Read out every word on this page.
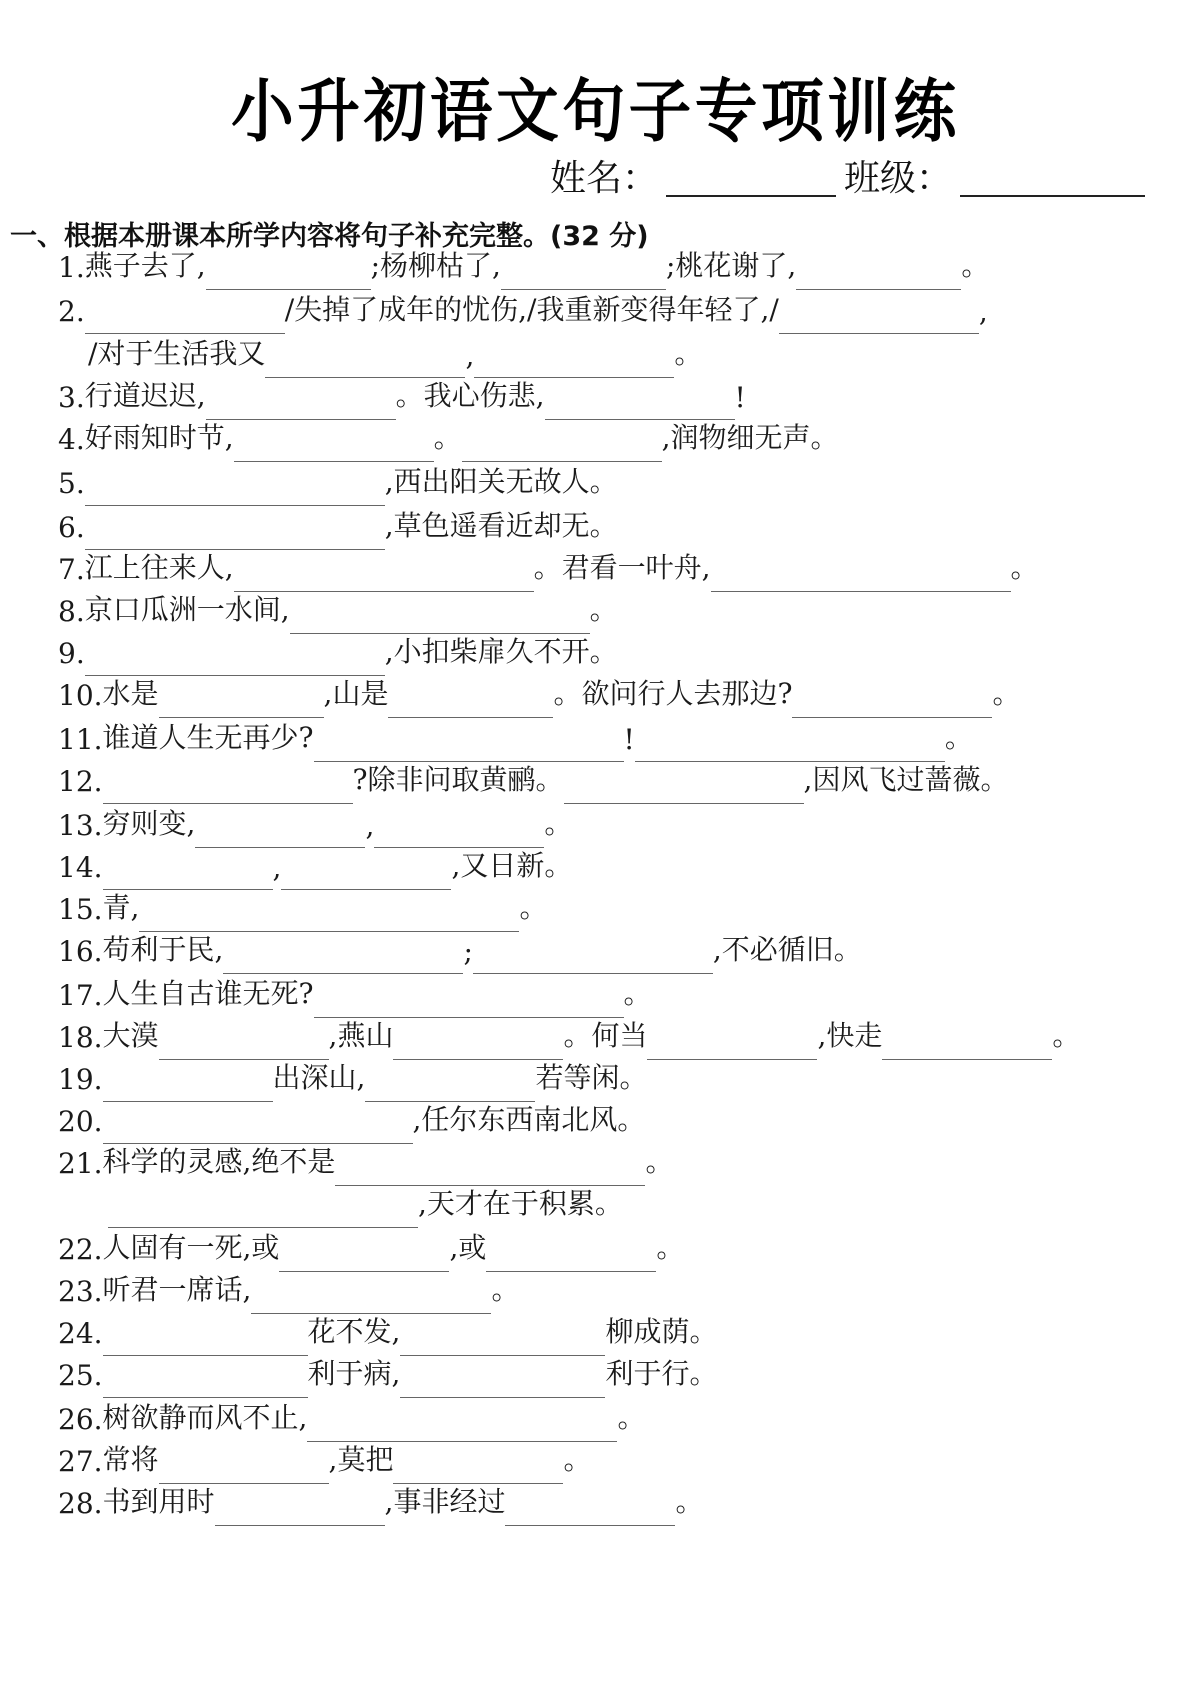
小升初语文句子专项训练
姓名：	班级：
一、根据本册课本所学内容将句子补充完整。(32 分)
1. 燕子去了,	;杨柳枯了,	;桃花谢了,	。
2.	/失掉了成年的忧伤,/我重新变得年轻了,/	,
/对于生活我又	,	。
3. 行道迟迟,	。我心伤悲,	!
4. 好雨知时节,	。	,润物细无声。
5.	,西出阳关无故人。
6.	,草色遥看近却无。
7. 江上往来人,	。君看一叶舟,	。
8. 京口瓜洲一水间,	。
9.	,小扣柴扉久不开。
10. 水是	,山是	。欲问行人去那边?	。
11. 谁道人生无再少?	!	。
12.	?除非问取黄鹂。	,因风飞过蔷薇。
13. 穷则变,	,	。
14.	,	,又日新。
15. 青,	。
16. 苟利于民,	;	,不必循旧。
17. 人生自古谁无死?	。
18. 大漠	,燕山	。何当	,快走	。
19.	出深山,	若等闲。
20.	,任尔东西南北风。
21. 科学的灵感,绝不是	。
,天才在于积累。
22. 人固有一死,或	,或	。
23. 听君一席话,	。
24.	花不发,	柳成荫。
25.	利于病,	利于行。
26. 树欲静而风不止,	。
27. 常将	,莫把	。
28. 书到用时	,事非经过	。
